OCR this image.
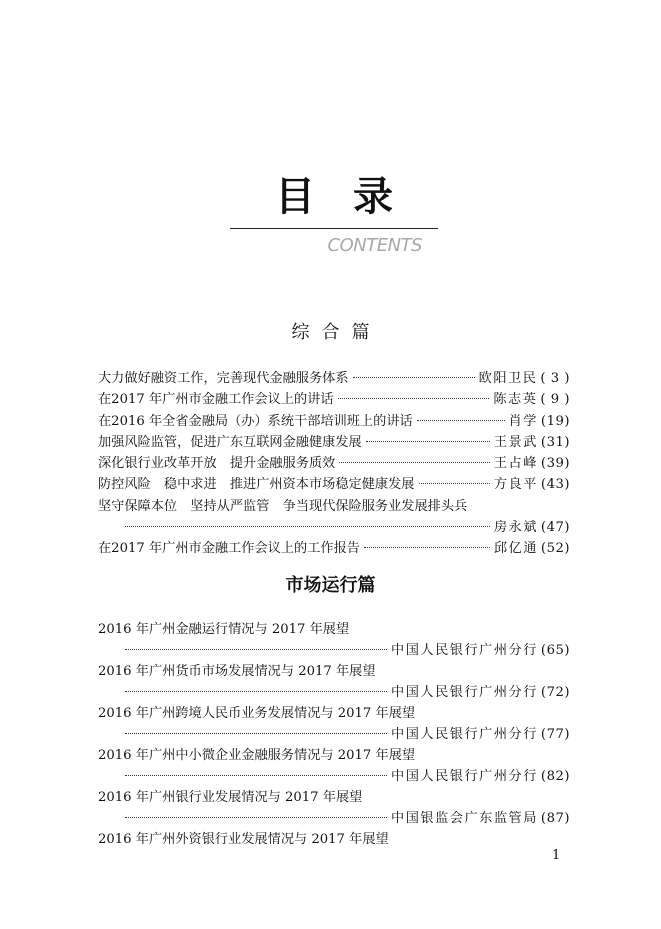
目录

CONTENTS

综合篇
大力做好融资工作，完善现代金融服务体系	欧阳卫民 ( 3 )
在2017 年广州市金融工作会议上的讲话	陈志英 ( 9 )
在2016 年全省金融局（办）系统干部培训班上的讲话	肖学 (19)
加强风险监管，促进广东互联网金融健康发展	王景武 (31)
深化银行业改革开放　提升金融服务质效	王占峰 (39)
防控风险　稳中求进　推进广州资本市场稳定健康发展	方良平 (43)
坚守保障本位　坚持从严监管　争当现代保险服务业发展排头兵
房永斌 (47)
在2017 年广州市金融工作会议上的工作报告	邱亿通 (52)
市场运行篇
2016 年广州金融运行情况与 2017 年展望
中国人民银行广州分行 (65)
2016 年广州货币市场发展情况与 2017 年展望
中国人民银行广州分行 (72)
2016 年广州跨境人民币业务发展情况与 2017 年展望
中国人民银行广州分行 (77)
2016 年广州中小微企业金融服务情况与 2017 年展望
中国人民银行广州分行 (82)
2016 年广州银行业发展情况与 2017 年展望
中国银监会广东监管局 (87)
2016 年广州外资银行业发展情况与 2017 年展望

1
